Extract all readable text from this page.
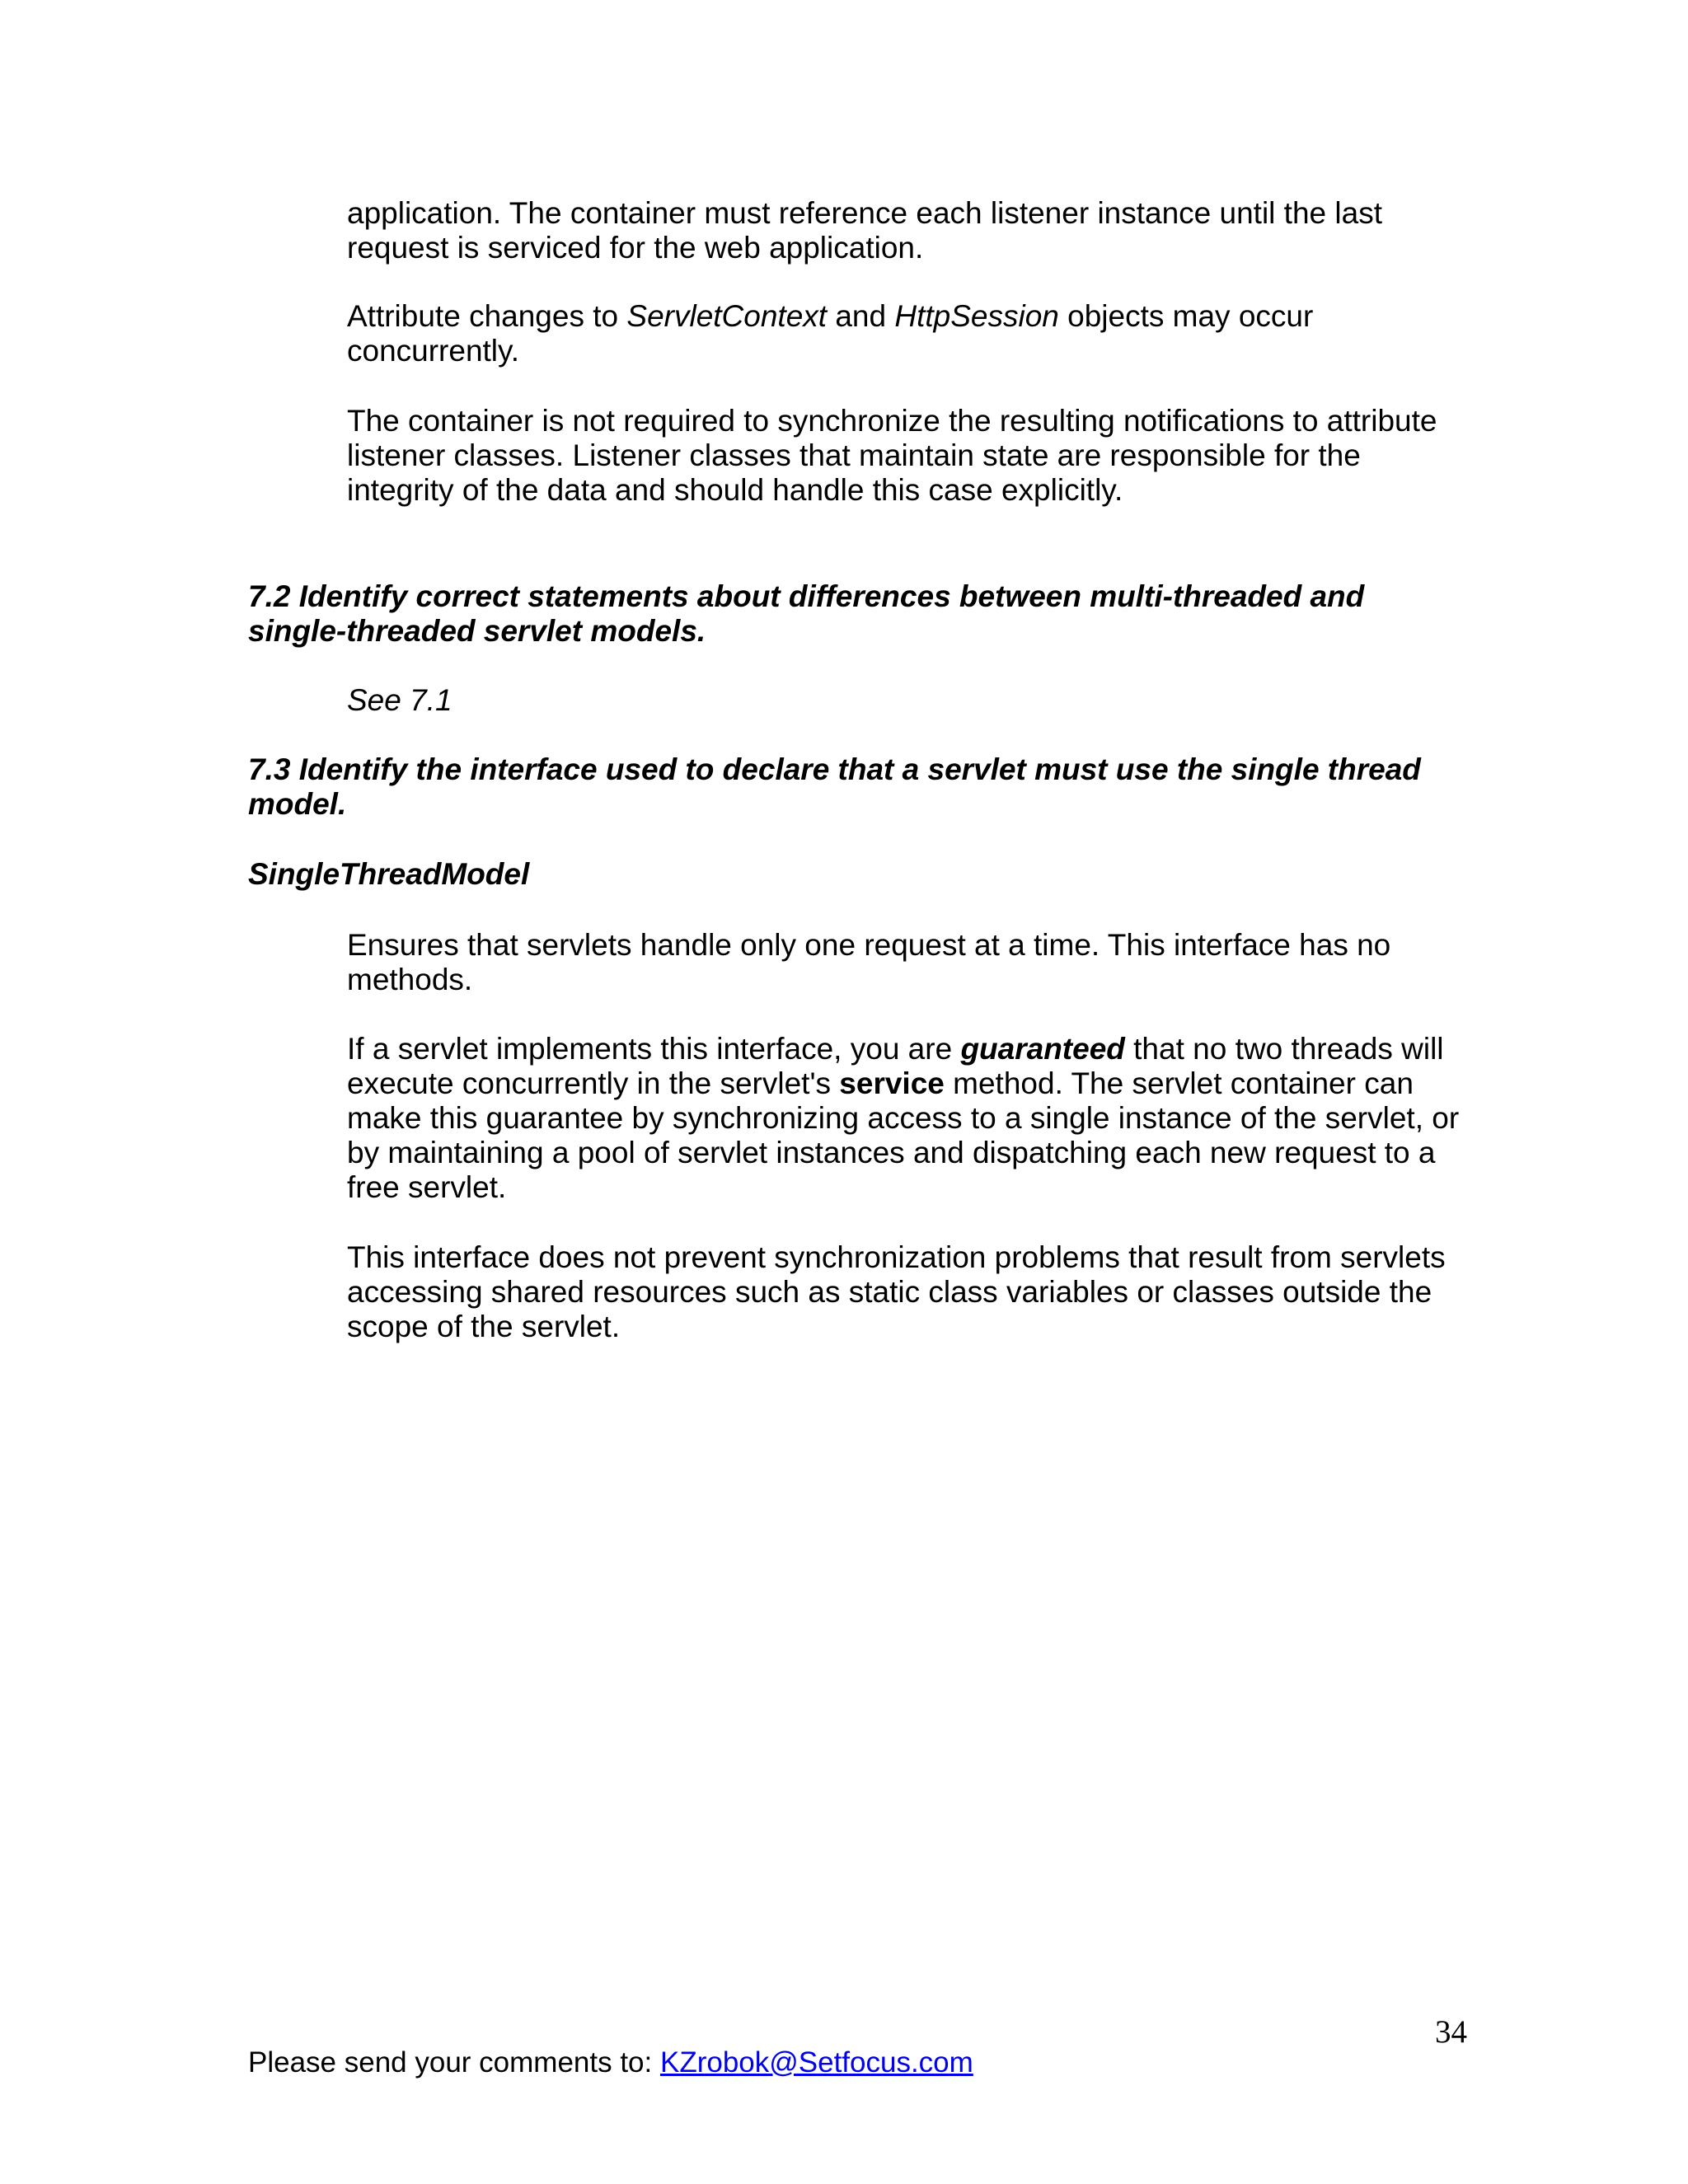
application. The container must reference each listener instance until the last request is serviced for the web application.

Attribute changes to ServletContext and HttpSession objects may occur concurrently.

The container is not required to synchronize the resulting notifications to attribute listener classes. Listener classes that maintain state are responsible for the integrity of the data and should handle this case explicitly.

7.2 Identify correct statements about differences between multi-threaded and single-threaded servlet models.

See 7.1

7.3 Identify the interface used to declare that a servlet must use the single thread model.

SingleThreadModel

Ensures that servlets handle only one request at a time. This interface has no methods.

If a servlet implements this interface, you are guaranteed that no two threads will execute concurrently in the servlet's service method. The servlet container can make this guarantee by synchronizing access to a single instance of the servlet, or by maintaining a pool of servlet instances and dispatching each new request to a free servlet.

This interface does not prevent synchronization problems that result from servlets accessing shared resources such as static class variables or classes outside the scope of the servlet.

34
Please send your comments to: KZrobok@Setfocus.com
